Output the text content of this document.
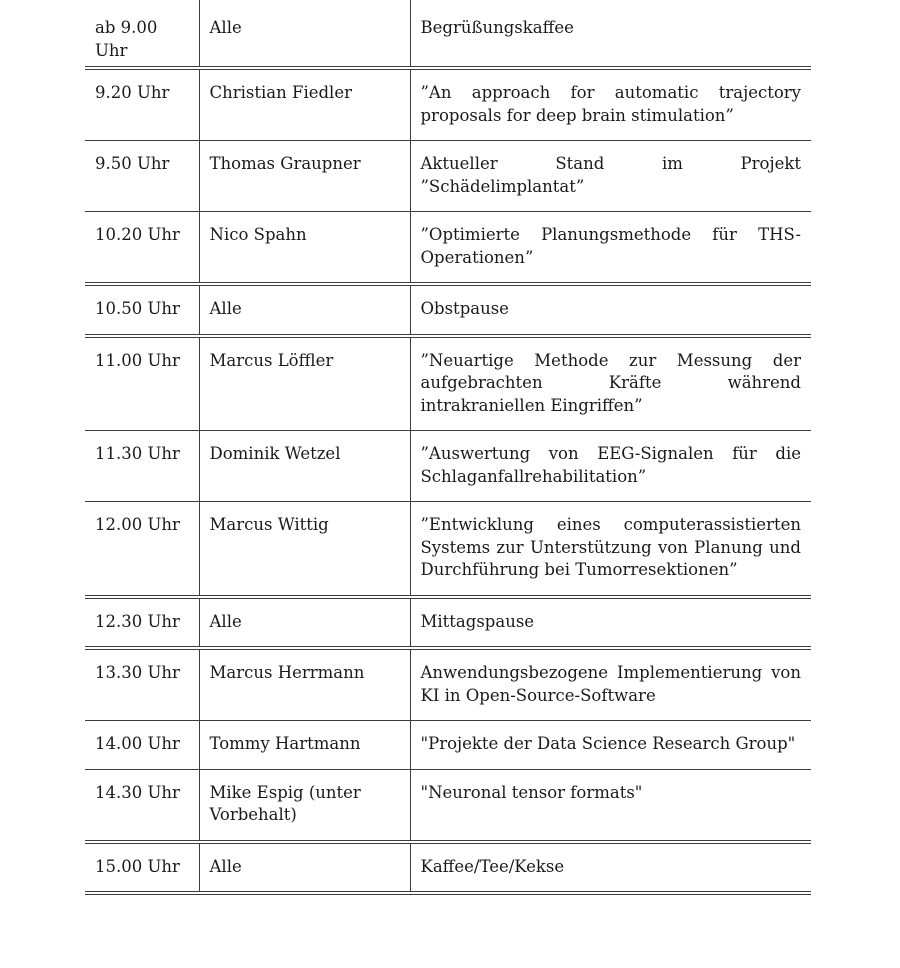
ab 9.00 Uhr	Alle	Begrüßungskaffee
9.20 Uhr	Christian Fiedler	”An approach for automatic trajectory proposals for deep brain stimulation”
9.50 Uhr	Thomas Graupner	Aktueller Stand im Projekt ”Schädelimplantat”
10.20 Uhr	Nico Spahn	”Optimierte Planungsmethode für THS-Operationen”
10.50 Uhr	Alle	Obstpause
11.00 Uhr	Marcus Löffler	”Neuartige Methode zur Messung der aufgebrachten Kräfte während intrakraniellen Eingriffen”
11.30 Uhr	Dominik Wetzel	”Auswertung von EEG-Signalen für die Schlaganfallrehabilitation”
12.00 Uhr	Marcus Wittig	”Entwicklung eines computerassistierten Systems zur Unterstützung von Planung und Durchführung bei Tumorresektionen”
12.30 Uhr	Alle	Mittagspause
13.30 Uhr	Marcus Herrmann	Anwendungsbezogene Implementierung von KI in Open-Source-Software
14.00 Uhr	Tommy Hartmann	"Projekte der Data Science Research Group"
14.30 Uhr	Mike Espig (unter Vorbehalt)	"Neuronal tensor formats"
15.00 Uhr	Alle	Kaffee/Tee/Kekse
